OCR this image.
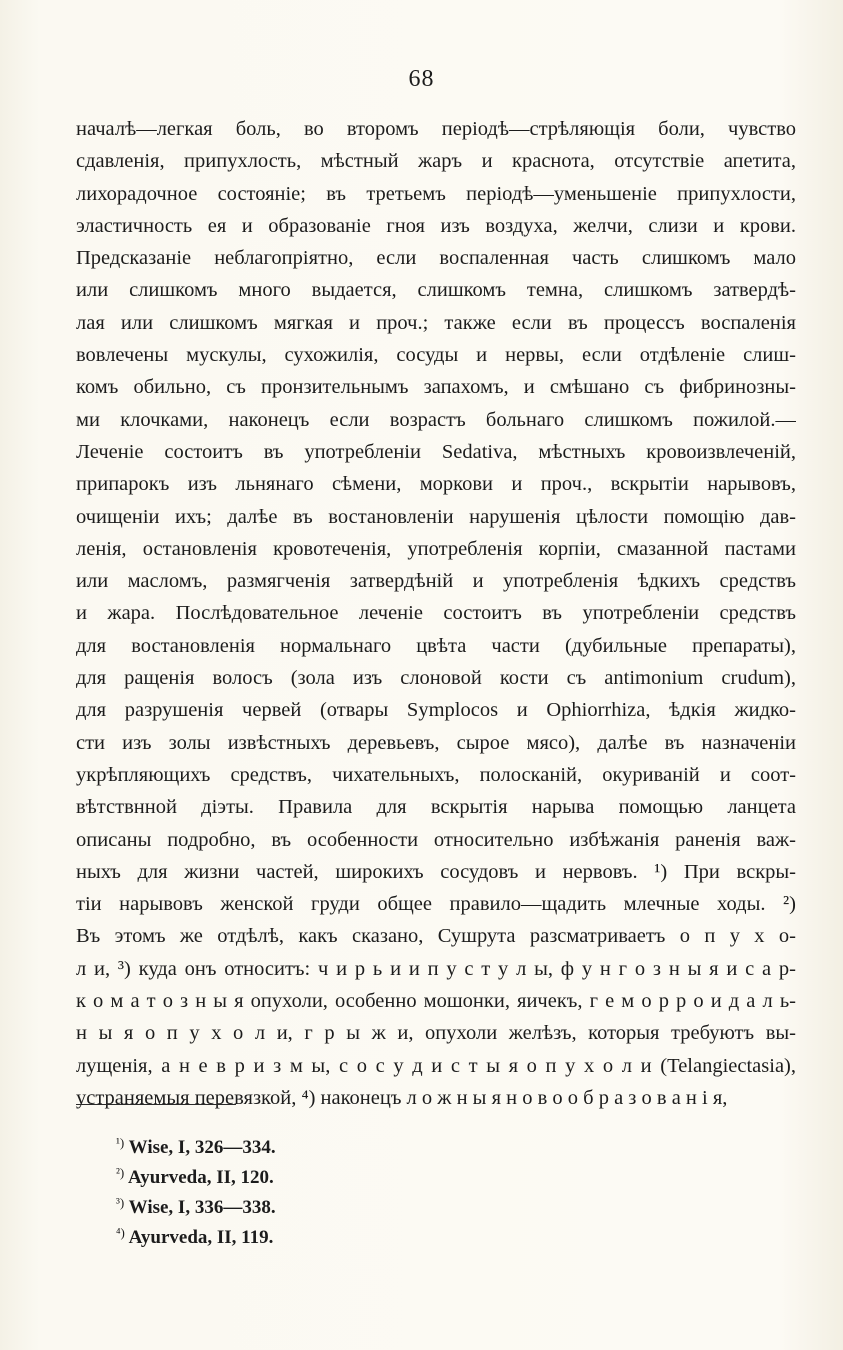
68
началѣ—легкая боль, во второмъ періодѣ—стрѣляющія боли, чувство
сдавленія, припухлость, мѣстный жаръ и краснота, отсутствіе апетита,
лихорадочное состояніе; въ третьемъ періодѣ—уменьшеніе припухлости,
эластичность ея и образованіе гноя изъ воздуха, желчи, слизи и крови.
Предсказаніе неблагопріятно, если воспаленная часть слишкомъ мало
или слишкомъ много выдается, слишкомъ темна, слишкомъ затвердѣ-
лая или слишкомъ мягкая и проч.; также если въ процессъ воспаленія
вовлечены мускулы, сухожилія, сосуды и нервы, если отдѣленіе слиш-
комъ обильно, съ пронзительнымъ запахомъ, и смѣшано съ фибринозны-
ми клочками, наконецъ если возрастъ больнаго слишкомъ пожилой.—
Леченіе состоитъ въ употребленіи Sedativa, мѣстныхъ кровоизвлеченій,
припарокъ изъ льнянаго сѣмени, моркови и проч., вскрытіи нарывовъ,
очищеніи ихъ; далѣе въ востановленіи нарушенія цѣлости помощію дав-
ленія, остановленія кровотеченія, употребленія корпіи, смазанной пастами
или масломъ, размягченія затвердѣній и употребленія ѣдкихъ средствъ
и жара. Послѣдовательное леченіе состоитъ въ употребленіи средствъ
для востановленія нормальнаго цвѣта части (дубильные препараты),
для ращенія волосъ (зола изъ слоновой кости съ antimonium crudum),
для разрушенія червей (отвары Symplocos и Ophiorrhiza, ѣдкія жидко-
сти изъ золы извѣстныхъ деревьевъ, сырое мясо), далѣе въ назначеніи
укрѣпляющихъ средствъ, чихательныхъ, полосканій, окуриваній и соот-
вѣтствнной діэты. Правила для вскрытія нарыва помощью ланцета
описаны подробно, въ особенности относительно избѣжанія раненія важ-
ныхъ для жизни частей, широкихъ сосудовъ и нервовъ. ¹) При вскры-
тіи нарывовъ женской груди общее правило—щадить млечные ходы. ²)
Въ этомъ же отдѣлѣ, какъ сказано, Сушрута разсматриваетъ о п у х о-
л и, ³) куда онъ относитъ: ч и р ь и и п у с т у л ы, ф у н г о з н ы я и с а р-
к о м а т о з н ы я опухоли, особенно мошонки, яичекъ, г е м о р р о и д а л ь-
н ы я о п у х о л и, г р ы ж и, опухоли желѣзъ, которыя требуютъ вы-
лущенія, а н е в р и з м ы, с о с у д и с т ы я о п у х о л и (Telangiectasia),
устраняемыя перевязкой, ⁴) наконецъ л о ж н ы я н о в о о б р а з о в а н і я,
$^{^1)}$ Wise, I, 326—334.
$^{^2)}$ Ayurveda, II, 120.
$^{^3)}$ Wise, I, 336—338.
$^{^4)}$ Ayurveda, II, 119.
